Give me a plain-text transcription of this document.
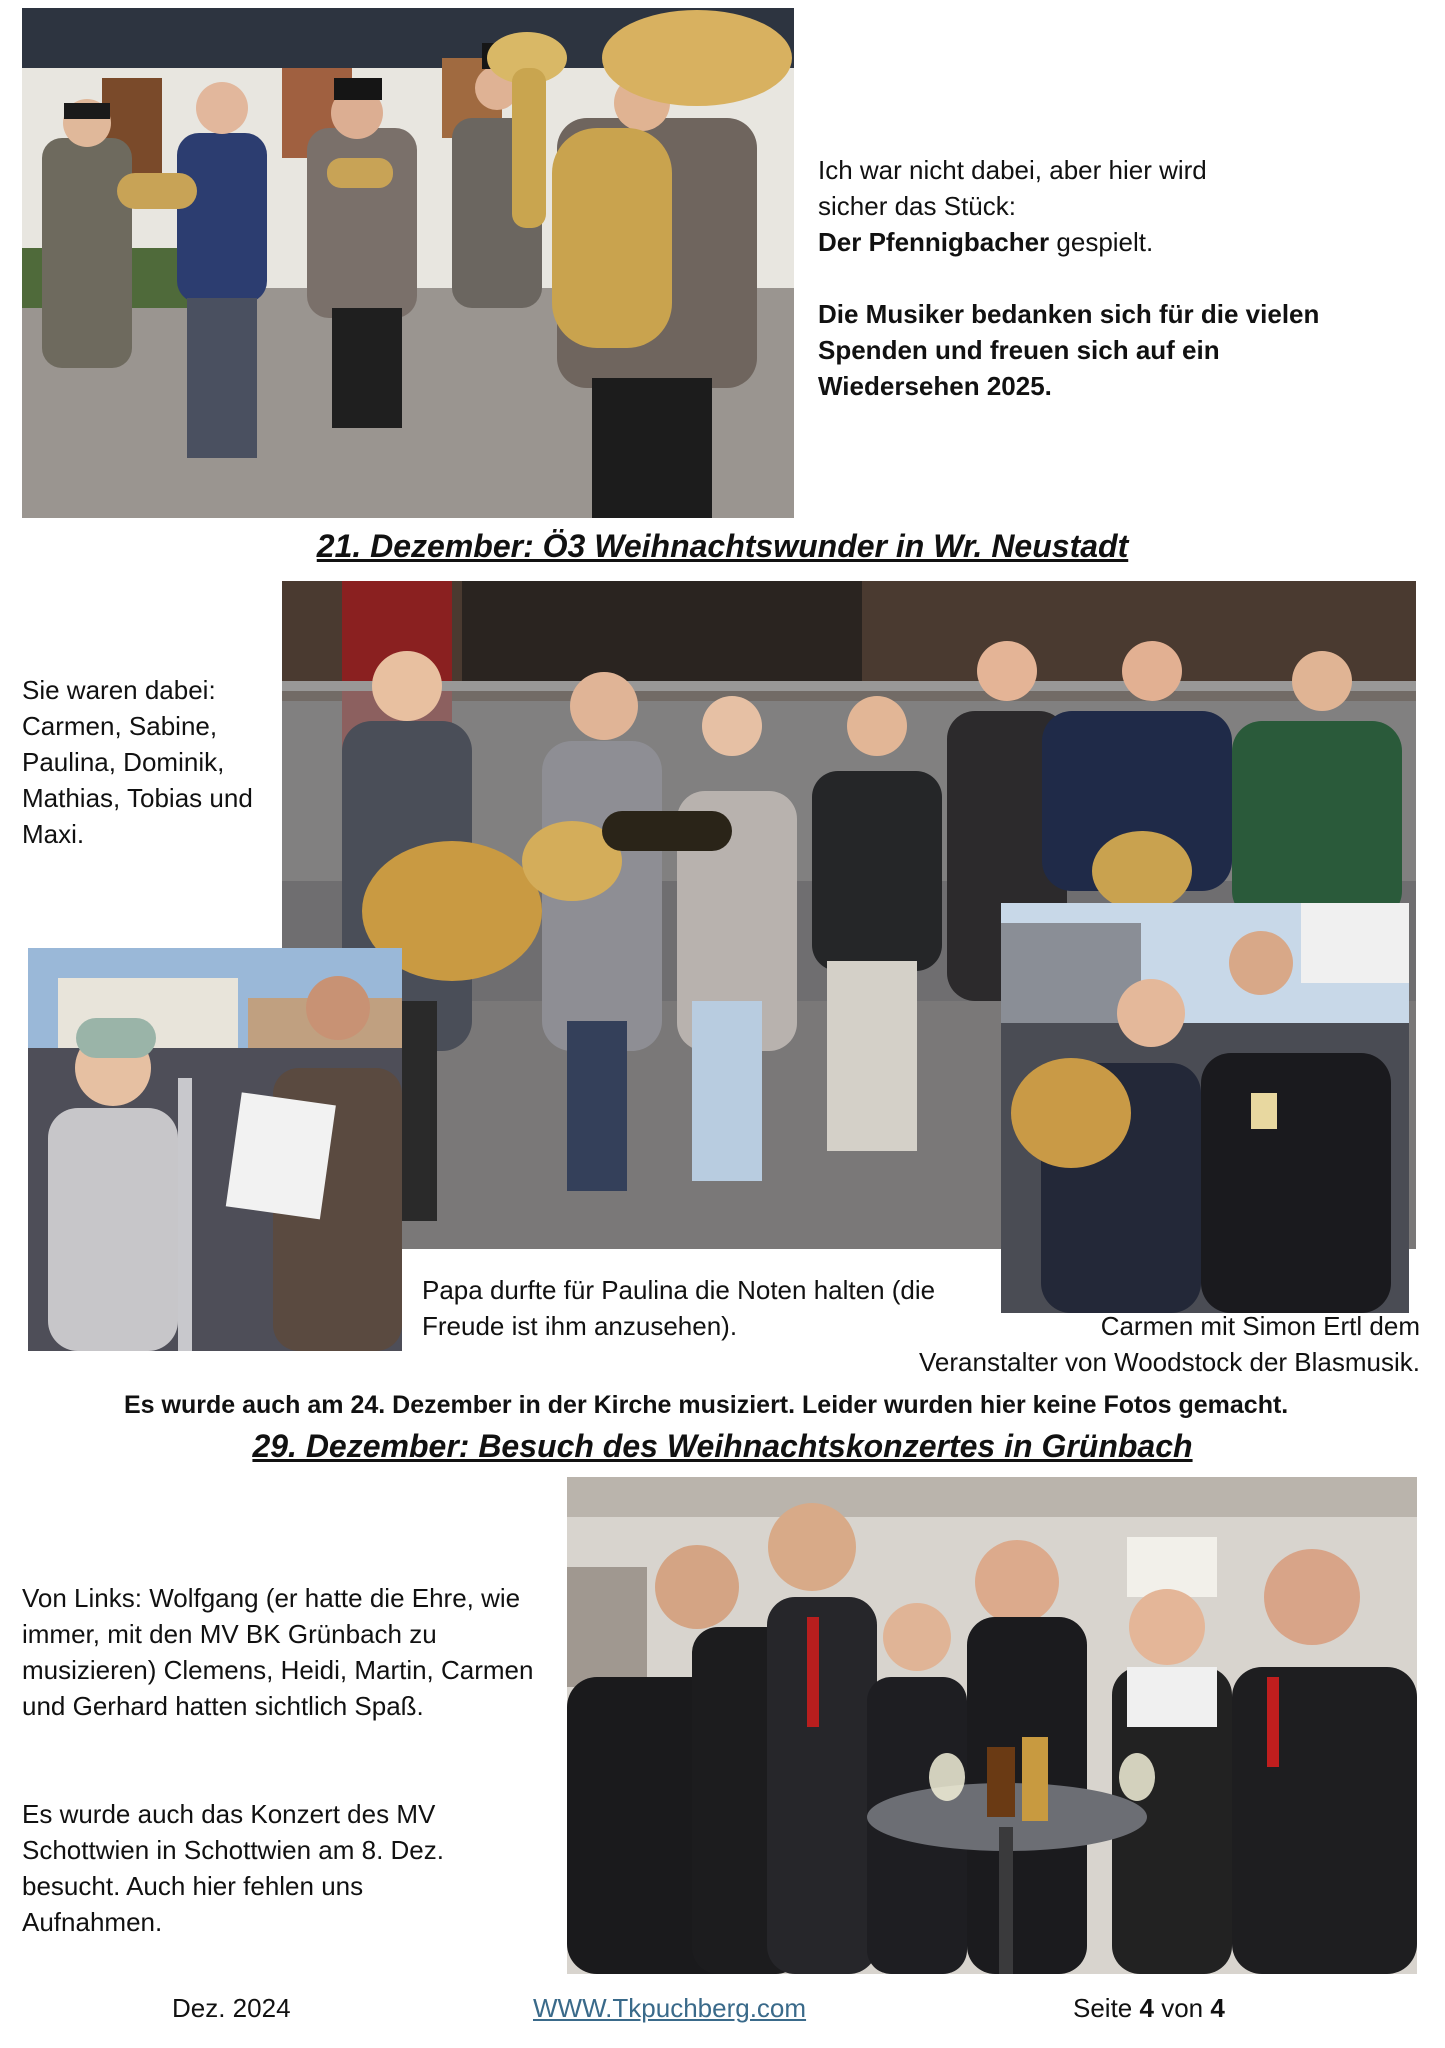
Ich war nicht dabei, aber hier wird

sicher das Stück:

Der Pfennigbacher gespielt.

Die Musiker bedanken sich für die vielen Spenden und freuen sich auf ein Wiedersehen 2025.
21. Dezember: Ö3 Weihnachtswunder in Wr. Neustadt

Sie waren dabei:

Carmen, Sabine, Paulina, Dominik, Mathias, Tobias und Maxi.

Papa durfte für Paulina die Noten halten (die Freude ist ihm anzusehen).	Carmen mit Simon Ertl dem
Veranstalter von Woodstock der Blasmusik.
Es wurde auch am 24. Dezember in der Kirche musiziert. Leider wurden hier keine Fotos gemacht.
29. Dezember: Besuch des Weihnachtskonzertes in Grünbach
Von Links: Wolfgang (er hatte die Ehre, wie immer, mit den MV BK Grünbach zu musizieren) Clemens, Heidi, Martin, Carmen und Gerhard hatten sichtlich Spaß.
Es wurde auch das Konzert des MV Schottwien in Schottwien am 8. Dez. besucht. Auch hier fehlen uns Aufnahmen.
Dez. 2024	WWW.Tkpuchberg.com	Seite 4 von 4
